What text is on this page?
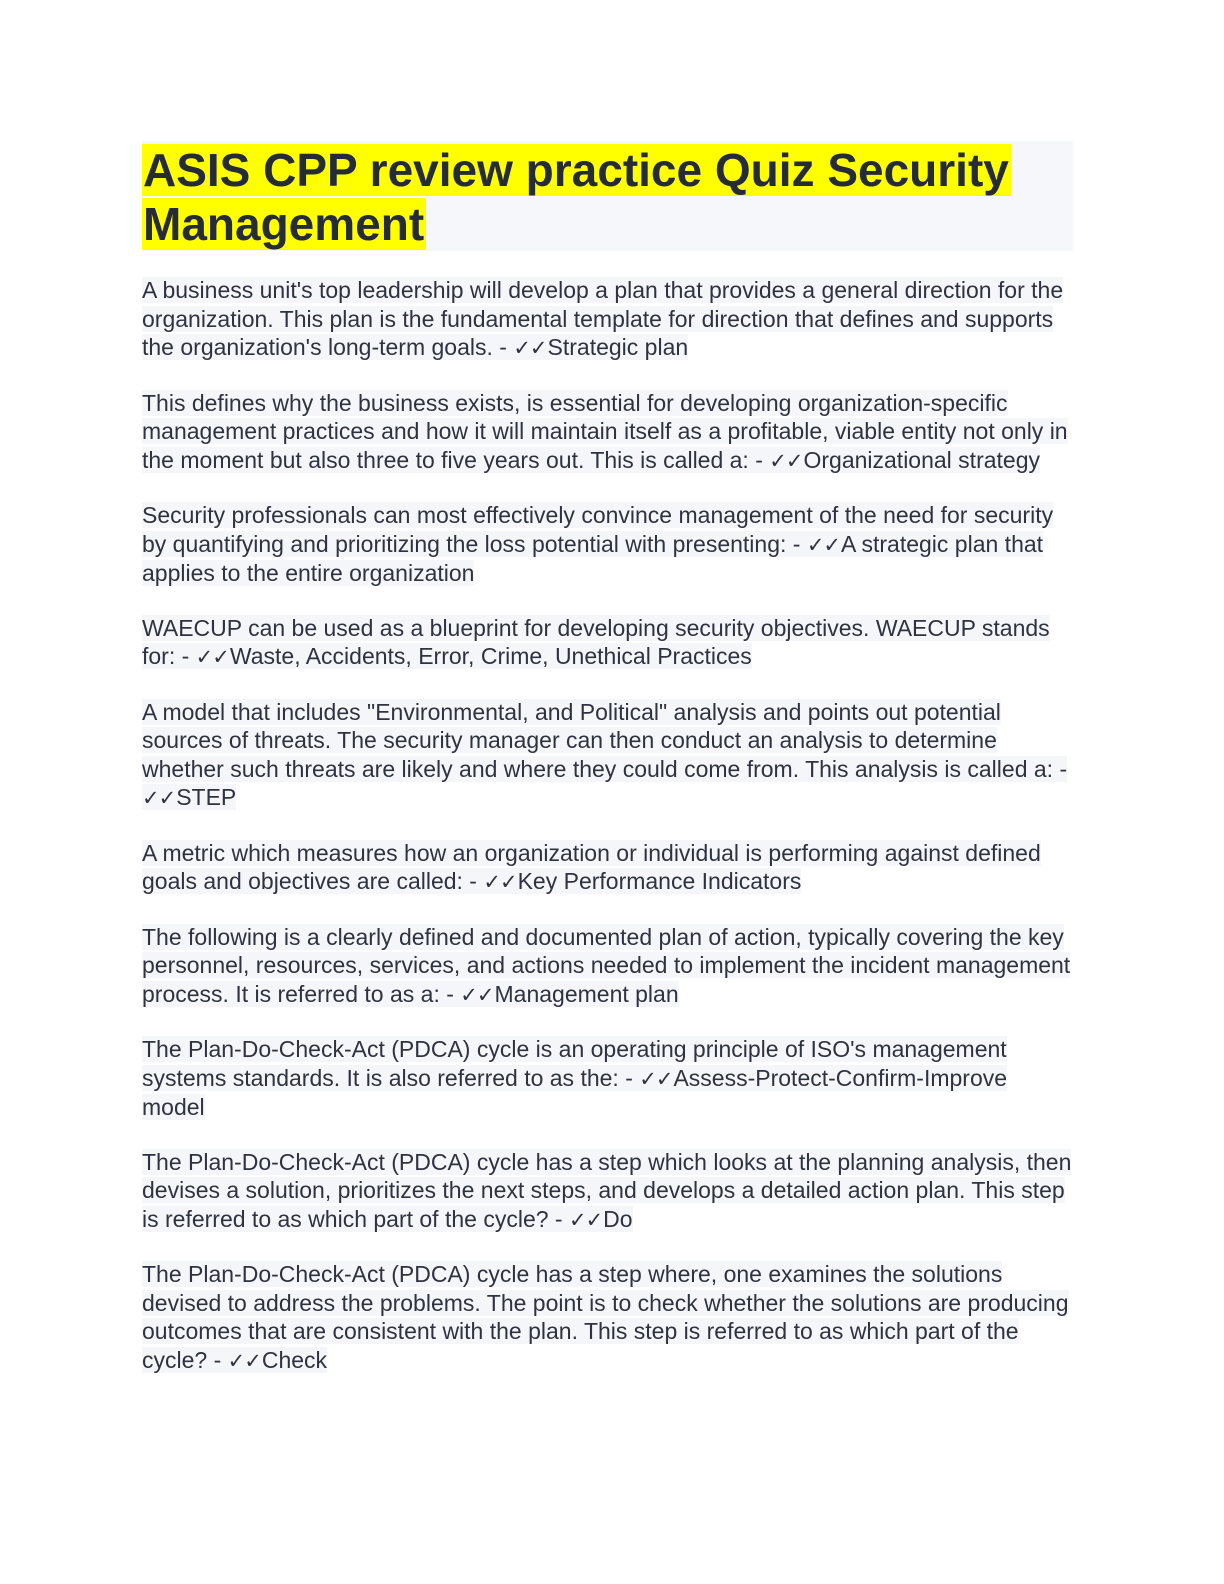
ASIS CPP review practice Quiz Security Management
A business unit's top leadership will develop a plan that provides a general direction for the organization. This plan is the fundamental template for direction that defines and supports the organization's long-term goals. - ✓✓Strategic plan
This defines why the business exists, is essential for developing organization-specific management practices and how it will maintain itself as a profitable, viable entity not only in the moment but also three to five years out. This is called a: - ✓✓Organizational strategy
Security professionals can most effectively convince management of the need for security by quantifying and prioritizing the loss potential with presenting: - ✓✓A strategic plan that applies to the entire organization
WAECUP can be used as a blueprint for developing security objectives. WAECUP stands for: - ✓✓Waste, Accidents, Error, Crime, Unethical Practices
A model that includes "Environmental, and Political" analysis and points out potential sources of threats. The security manager can then conduct an analysis to determine whether such threats are likely and where they could come from. This analysis is called a: - ✓✓STEP
A metric which measures how an organization or individual is performing against defined goals and objectives are called: - ✓✓Key Performance Indicators
The following is a clearly defined and documented plan of action, typically covering the key personnel, resources, services, and actions needed to implement the incident management process. It is referred to as a: - ✓✓Management plan
The Plan-Do-Check-Act (PDCA) cycle is an operating principle of ISO's management systems standards. It is also referred to as the: - ✓✓Assess-Protect-Confirm-Improve model
The Plan-Do-Check-Act (PDCA) cycle has a step which looks at the planning analysis, then devises a solution, prioritizes the next steps, and develops a detailed action plan. This step is referred to as which part of the cycle? - ✓✓Do
The Plan-Do-Check-Act (PDCA) cycle has a step where, one examines the solutions devised to address the problems. The point is to check whether the solutions are producing outcomes that are consistent with the plan. This step is referred to as which part of the cycle? - ✓✓Check
